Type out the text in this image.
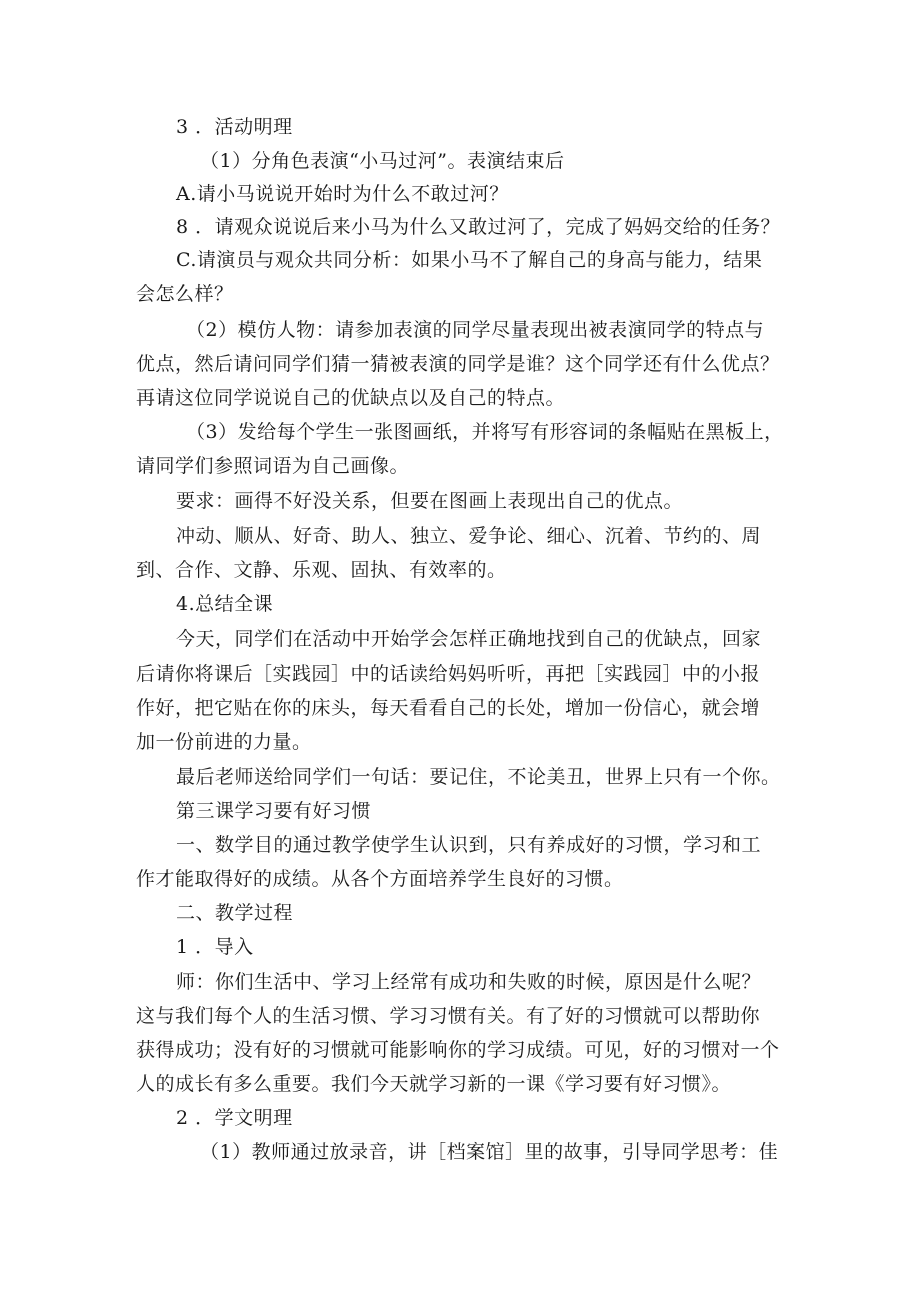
3 ．活动明理
（1）分角色表演“小马过河”。表演结束后
A.请小马说说开始时为什么不敢过河？
8 ．请观众说说后来小马为什么又敢过河了，完成了妈妈交给的任务？
C.请演员与观众共同分析：如果小马不了解自己的身高与能力，结果
会怎么样？
（2）模仿人物：请参加表演的同学尽量表现出被表演同学的特点与
优点，然后请问同学们猜一猜被表演的同学是谁？这个同学还有什么优点？
再请这位同学说说自己的优缺点以及自己的特点。
（3）发给每个学生一张图画纸，并将写有形容词的条幅贴在黑板上，
请同学们参照词语为自己画像。
要求：画得不好没关系，但要在图画上表现出自己的优点。
冲动、顺从、好奇、助人、独立、爱争论、细心、沉着、节约的、周
到、合作、文静、乐观、固执、有效率的。
4.总结全课
今天，同学们在活动中开始学会怎样正确地找到自己的优缺点，回家
后请你将课后［实践园］中的话读给妈妈听听，再把［实践园］中的小报
作好，把它贴在你的床头，每天看看自己的长处，增加一份信心，就会增
加一份前进的力量。
最后老师送给同学们一句话：要记住，不论美丑，世界上只有一个你。
第三课学习要有好习惯
一、数学目的通过教学使学生认识到，只有养成好的习惯，学习和工
作才能取得好的成绩。从各个方面培养学生良好的习惯。
二、教学过程
1 ．导入
师：你们生活中、学习上经常有成功和失败的时候，原因是什么呢？
这与我们每个人的生活习惯、学习习惯有关。有了好的习惯就可以帮助你
获得成功；没有好的习惯就可能影响你的学习成绩。可见，好的习惯对一个
人的成长有多么重要。我们今天就学习新的一课《学习要有好习惯》。
2 ．学文明理
（1）教师通过放录音，讲［档案馆］里的故事，引导同学思考：佳
